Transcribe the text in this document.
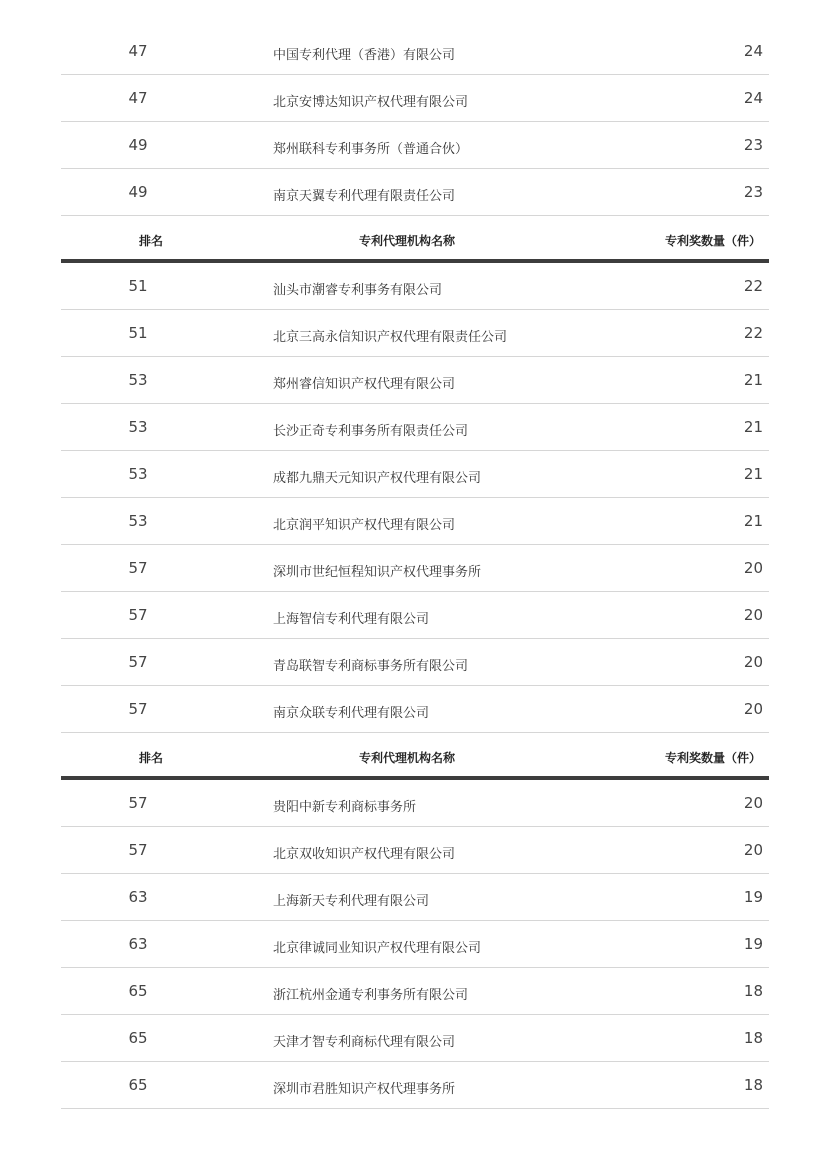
47	中国专利代理（香港）有限公司	24
47	北京安博达知识产权代理有限公司	24
49	郑州联科专利事务所（普通合伙）	23
49	南京天翼专利代理有限责任公司	23
排名	专利代理机构名称	专利奖数量（件）
51	汕头市潮睿专利事务有限公司	22
51	北京三高永信知识产权代理有限责任公司	22
53	郑州睿信知识产权代理有限公司	21
53	长沙正奇专利事务所有限责任公司	21
53	成都九鼎天元知识产权代理有限公司	21
53	北京润平知识产权代理有限公司	21
57	深圳市世纪恒程知识产权代理事务所	20
57	上海智信专利代理有限公司	20
57	青岛联智专利商标事务所有限公司	20
57	南京众联专利代理有限公司	20
排名	专利代理机构名称	专利奖数量（件）
57	贵阳中新专利商标事务所	20
57	北京双收知识产权代理有限公司	20
63	上海新天专利代理有限公司	19
63	北京律诚同业知识产权代理有限公司	19
65	浙江杭州金通专利事务所有限公司	18
65	天津才智专利商标代理有限公司	18
65	深圳市君胜知识产权代理事务所	18
